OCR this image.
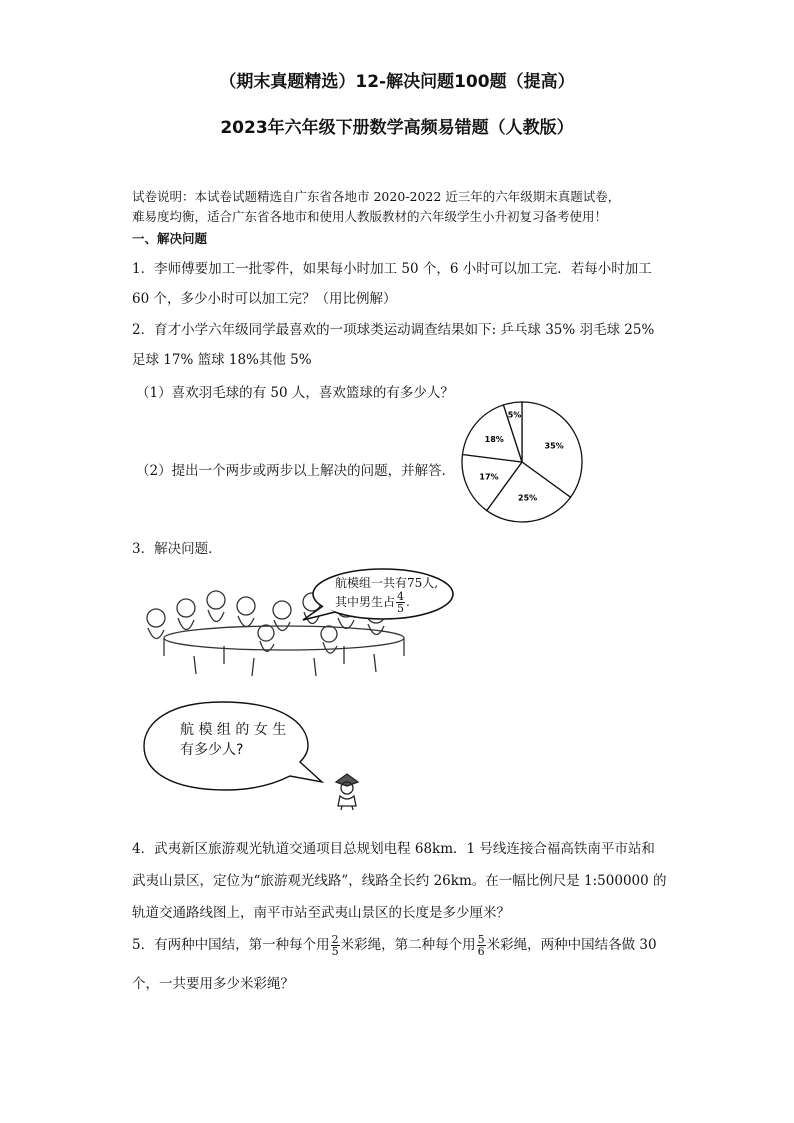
（期末真题精选）12-解决问题100题（提高）
2023年六年级下册数学高频易错题（人教版）
试卷说明：本试卷试题精选自广东省各地市 2020-2022 近三年的六年级期末真题试卷，
难易度均衡，适合广东省各地市和使用人教版教材的六年级学生小升初复习备考使用！
一、解决问题
1．李师傅要加工一批零件，如果每小时加工 50 个，6 小时可以加工完．若每小时加工
60 个，多少小时可以加工完？（用比例解）
2．育才小学六年级同学最喜欢的一项球类运动调查结果如下: 乒乓球 35% 羽毛球 25%
足球 17% 篮球 18%其他 5%
（1）喜欢羽毛球的有 50 人，喜欢篮球的有多少人？
（2）提出一个两步或两步以上解决的问题，并解答．
35%
25%
17%
18%
5%
3．解决问题．
航模组一共有75人,
其中男生占 $\frac{4}{5}$ .
航 模 组 的 女 生
有多少人?
4．武夷新区旅游观光轨道交通项目总规划电程 68km．1 号线连接合福高铁南平市站和
武夷山景区，定位为“旅游观光线路”，线路全长约 26km。在一幅比例尺是 1:500000 的
轨道交通路线图上，南平市站至武夷山景区的长度是多少厘米？
5．有两种中国结，第一种每个用 $\frac{2}{5}$ 米彩绳，第二种每个用 $\frac{5}{6}$ 米彩绳，两种中国结各做 30
个，一共要用多少米彩绳？
